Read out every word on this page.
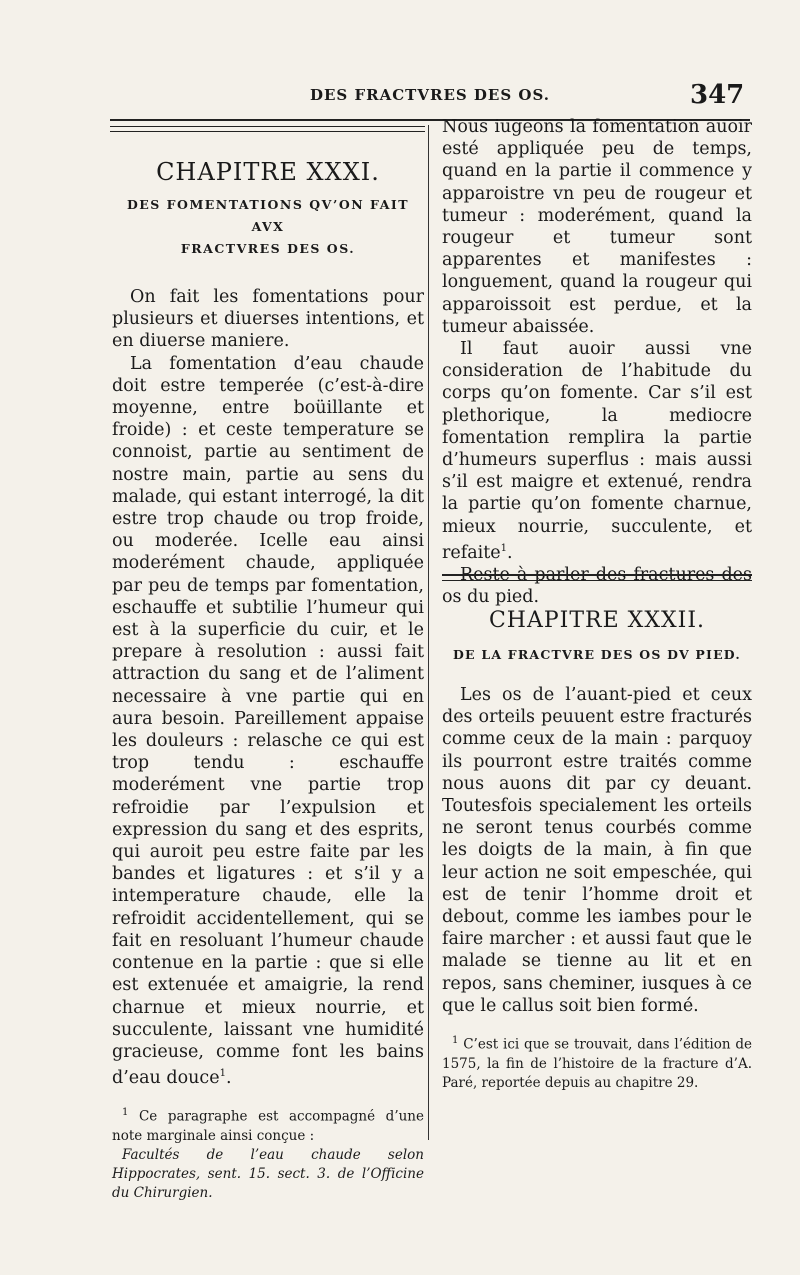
DES FRACTVRES DES OS.	347
CHAPITRE XXXI.
DES FOMENTATIONS QV’ON FAIT AVX
FRACTVRES DES OS.

On fait les fomentations pour plusieurs et diuerses intentions, et en diuerse maniere.

La fomentation d’eau chaude doit estre temperée (c’est-à-dire moyenne, entre boüillante et froide) : et ceste temperature se connoist, partie au sentiment de nostre main, partie au sens du malade, qui estant interrogé, la dit estre trop chaude ou trop froide, ou moderée. Icelle eau ainsi moderément chaude, appliquée par peu de temps par fomentation, eschauffe et subtilie l’humeur qui est à la superficie du cuir, et le prepare à resolution : aussi fait attraction du sang et de l’aliment necessaire à vne partie qui en aura besoin. Pareillement appaise les douleurs : relasche ce qui est trop tendu : eschauffe moderément vne partie trop refroidie par l’expulsion et expression du sang et des esprits, qui auroit peu estre faite par les bandes et ligatures : et s’il y a intemperature chaude, elle la refroidit accidentellement, qui se fait en resoluant l’humeur chaude contenue en la partie : que si elle est extenuée et amaigrie, la rend charnue et mieux nourrie, et succulente, laissant vne humidité gracieuse, comme font les bains d’eau douce$^1$.

$^1$ Ce paragraphe est accompagné d’une note marginale ainsi conçue :
Facultés de l’eau chaude selon Hippocrates, sent. 15. sect. 3. de l’Officine du Chirurgien.

Nous iugeons la fomentation auoir esté appliquée peu de temps, quand en la partie il commence y apparoistre vn peu de rougeur et tumeur : moderément, quand la rougeur et tumeur sont apparentes et manifestes : longuement, quand la rougeur qui apparoissoit est perdue, et la tumeur abaissée.

Il faut auoir aussi vne consideration de l’habitude du corps qu’on fomente. Car s’il est plethorique, la mediocre fomentation remplira la partie d’humeurs superflus : mais aussi s’il est maigre et extenué, rendra la partie qu’on fomente charnue, mieux nourrie, succulente, et refaite$^1$.

Reste à parler des fractures des os du pied.

CHAPITRE XXXII.
DE LA FRACTVRE DES OS DV PIED.

Les os de l’auant-pied et ceux des orteils peuuent estre fracturés comme ceux de la main : parquoy ils pourront estre traités comme nous auons dit par cy deuant. Toutesfois specialement les orteils ne seront tenus courbés comme les doigts de la main, à fin que leur action ne soit empeschée, qui est de tenir l’homme droit et debout, comme les iambes pour le faire marcher : et aussi faut que le malade se tienne au lit et en repos, sans cheminer, iusques à ce que le callus soit bien formé.

$^1$ C’est ici que se trouvait, dans l’édition de 1575, la fin de l’histoire de la fracture d’A. Paré, reportée depuis au chapitre 29.
